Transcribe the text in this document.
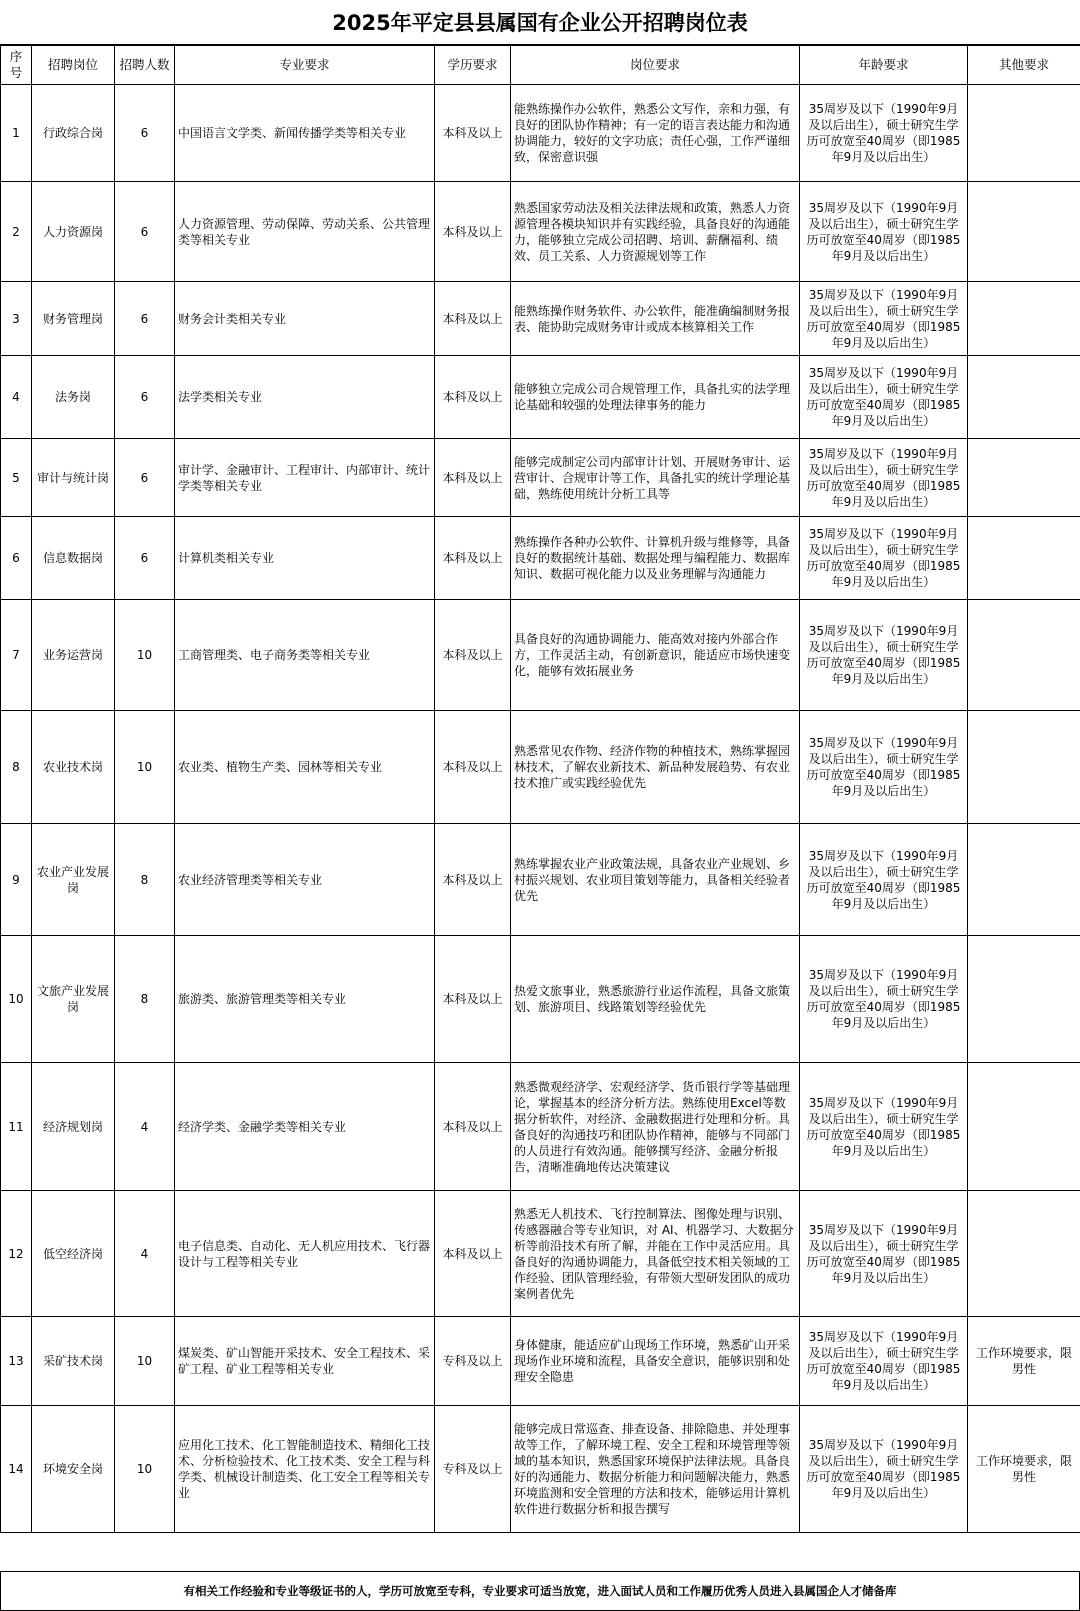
2025年平定县县属国有企业公开招聘岗位表
序号	招聘岗位	招聘人数	专业要求	学历要求	岗位要求	年龄要求	其他要求
1	行政综合岗	6	中国语言文学类、新闻传播学类等相关专业	本科及以上	能熟练操作办公软件，熟悉公文写作，亲和力强，有良好的团队协作精神；有一定的语言表达能力和沟通协调能力，较好的文字功底；责任心强，工作严谨细致，保密意识强	35周岁及以下（1990年9月及以后出生），硕士研究生学历可放宽至40周岁（即1985年9月及以后出生）	
2	人力资源岗	6	人力资源管理、劳动保障、劳动关系、公共管理类等相关专业	本科及以上	熟悉国家劳动法及相关法律法规和政策，熟悉人力资源管理各模块知识并有实践经验，具备良好的沟通能力，能够独立完成公司招聘、培训、薪酬福利、绩效、员工关系、人力资源规划等工作	35周岁及以下（1990年9月及以后出生），硕士研究生学历可放宽至40周岁（即1985年9月及以后出生）	
3	财务管理岗	6	财务会计类相关专业	本科及以上	能熟练操作财务软件、办公软件，能准确编制财务报表、能协助完成财务审计或成本核算相关工作	35周岁及以下（1990年9月及以后出生），硕士研究生学历可放宽至40周岁（即1985年9月及以后出生）	
4	法务岗	6	法学类相关专业	本科及以上	能够独立完成公司合规管理工作，具备扎实的法学理论基础和较强的处理法律事务的能力	35周岁及以下（1990年9月及以后出生），硕士研究生学历可放宽至40周岁（即1985年9月及以后出生）	
5	审计与统计岗	6	审计学、金融审计、工程审计、内部审计、统计学类等相关专业	本科及以上	能够完成制定公司内部审计计划、开展财务审计、运营审计、合规审计等工作，具备扎实的统计学理论基础，熟练使用统计分析工具等	35周岁及以下（1990年9月及以后出生），硕士研究生学历可放宽至40周岁（即1985年9月及以后出生）	
6	信息数据岗	6	计算机类相关专业	本科及以上	熟练操作各种办公软件、计算机升级与维修等，具备良好的数据统计基础、数据处理与编程能力、数据库知识、数据可视化能力以及业务理解与沟通能力	35周岁及以下（1990年9月及以后出生），硕士研究生学历可放宽至40周岁（即1985年9月及以后出生）	
7	业务运营岗	10	工商管理类、电子商务类等相关专业	本科及以上	具备良好的沟通协调能力、能高效对接内外部合作方，工作灵活主动，有创新意识，能适应市场快速变化，能够有效拓展业务	35周岁及以下（1990年9月及以后出生），硕士研究生学历可放宽至40周岁（即1985年9月及以后出生）	
8	农业技术岗	10	农业类、植物生产类、园林等相关专业	本科及以上	熟悉常见农作物、经济作物的种植技术，熟练掌握园林技术，了解农业新技术、新品种发展趋势、有农业技术推广或实践经验优先	35周岁及以下（1990年9月及以后出生），硕士研究生学历可放宽至40周岁（即1985年9月及以后出生）	
9	农业产业发展岗	8	农业经济管理类等相关专业	本科及以上	熟练掌握农业产业政策法规，具备农业产业规划、乡村振兴规划、农业项目策划等能力，具备相关经验者优先	35周岁及以下（1990年9月及以后出生），硕士研究生学历可放宽至40周岁（即1985年9月及以后出生）	
10	文旅产业发展岗	8	旅游类、旅游管理类等相关专业	本科及以上	热爱文旅事业，熟悉旅游行业运作流程，具备文旅策划、旅游项目、线路策划等经验优先	35周岁及以下（1990年9月及以后出生），硕士研究生学历可放宽至40周岁（即1985年9月及以后出生）	
11	经济规划岗	4	经济学类、金融学类等相关专业	本科及以上	熟悉微观经济学、宏观经济学、货币银行学等基础理论，掌握基本的经济分析方法。熟练使用Excel等数据分析软件，对经济、金融数据进行处理和分析。具备良好的沟通技巧和团队协作精神，能够与不同部门的人员进行有效沟通。能够撰写经济、金融分析报告，清晰准确地传达决策建议	35周岁及以下（1990年9月及以后出生），硕士研究生学历可放宽至40周岁（即1985年9月及以后出生）	
12	低空经济岗	4	电子信息类、自动化、无人机应用技术、飞行器设计与工程等相关专业	本科及以上	熟悉无人机技术、飞行控制算法、图像处理与识别、传感器融合等专业知识，对 AI、机器学习、大数据分析等前沿技术有所了解，并能在工作中灵活应用。具备良好的沟通协调能力，具备低空技术相关领域的工作经验、团队管理经验，有带领大型研发团队的成功案例者优先	35周岁及以下（1990年9月及以后出生），硕士研究生学历可放宽至40周岁（即1985年9月及以后出生）	
13	采矿技术岗	10	煤炭类、矿山智能开采技术、安全工程技术、采矿工程、矿业工程等相关专业	专科及以上	身体健康，能适应矿山现场工作环境，熟悉矿山开采现场作业环境和流程，具备安全意识，能够识别和处理安全隐患	35周岁及以下（1990年9月及以后出生），硕士研究生学历可放宽至40周岁（即1985年9月及以后出生）	工作环境要求，限男性
14	环境安全岗	10	应用化工技术、化工智能制造技术、精细化工技术、分析检验技术、化工技术类、安全工程与科学类、机械设计制造类、化工安全工程等相关专业	专科及以上	能够完成日常巡查、排查设备、排除隐患、并处理事故等工作，了解环境工程、安全工程和环境管理等领域的基本知识，熟悉国家环境保护法律法规。具备良好的沟通能力、数据分析能力和问题解决能力，熟悉环境监测和安全管理的方法和技术，能够运用计算机软件进行数据分析和报告撰写	35周岁及以下（1990年9月及以后出生），硕士研究生学历可放宽至40周岁（即1985年9月及以后出生）	工作环境要求，限男性
有相关工作经验和专业等级证书的人，学历可放宽至专科，专业要求可适当放宽，进入面试人员和工作履历优秀人员进入县属国企人才储备库
